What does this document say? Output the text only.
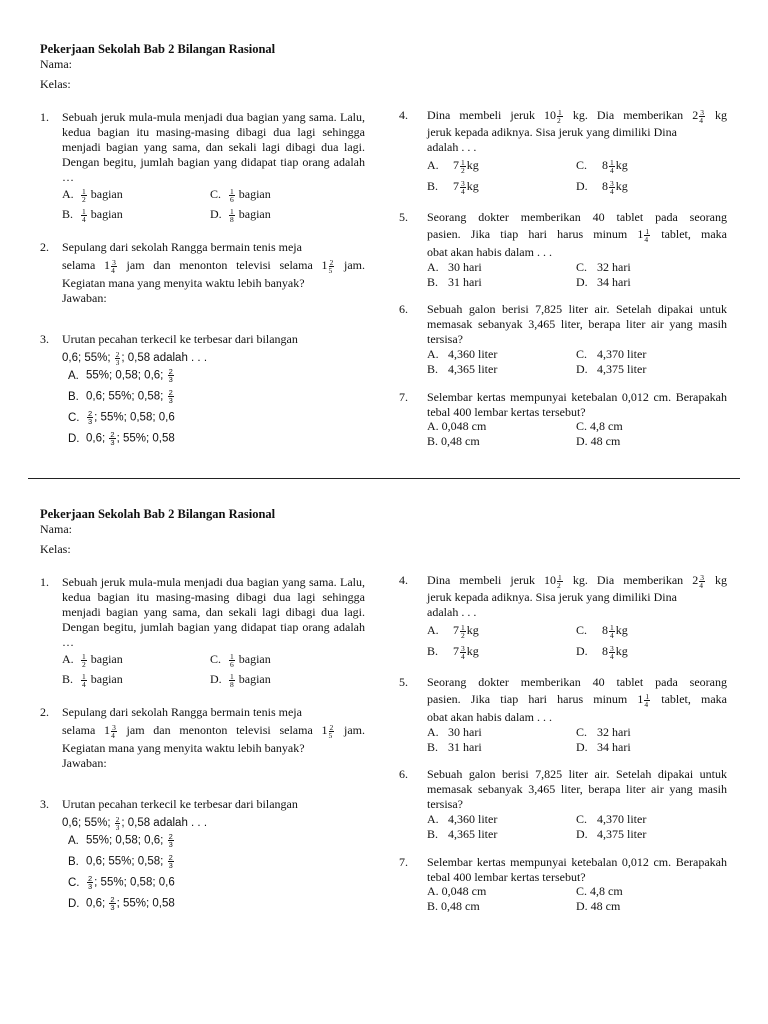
Pekerjaan Sekolah Bab 2 Bilangan Rasional
Nama:
Kelas:
1. Sebuah jeruk mula-mula menjadi dua bagian yang sama. Lalu, kedua bagian itu masing-masing dibagi dua lagi sehingga menjadi bagian yang sama, dan sekali lagi dibagi dua lagi. Dengan begitu, jumlah bagian yang didapat tiap orang adalah …
A. $\frac{1}{2}$ bagian	C. $\frac{1}{6}$ bagian
B. $\frac{1}{4}$ bagian	D. $\frac{1}{8}$ bagian
2. Sepulang dari sekolah Rangga bermain tenis meja
selama $1 \frac{3}{4}$ jam dan menonton televisi selama $1 \frac{2}{5}$ jam.
Kegiatan mana yang menyita waktu lebih banyak?
Jawaban:
3. Urutan pecahan terkecil ke terbesar dari bilangan
0,6; 55%; $\frac{2}{3}$ ; 0,58 adalah . . .
A. 55%; 0,58; 0,6; $\frac{2}{3}$
B. 0,6; 55%; 0,58; $\frac{2}{3}$
C. $\frac{2}{3}$ ; 55%; 0,58; 0,6
D. 0,6; $\frac{2}{3}$ ; 55%; 0,58
4. Dina membeli jeruk $10 \frac{1}{2}$ kg. Dia memberikan $2 \frac{3}{4}$ kg
jeruk kepada adiknya. Sisa jeruk yang dimiliki Dina
adalah . . .
A. $7 \frac{1}{2}$ kg	C. $8 \frac{1}{4}$ kg
B. $7 \frac{3}{4}$ kg	D. $8 \frac{3}{4}$ kg
5. Seorang dokter memberikan 40 tablet pada seorang
pasien. Jika tiap hari harus minum $1 \frac{1}{4}$ tablet, maka
obat akan habis dalam . . .
A. 30 hari	C. 32 hari
B. 31 hari	D. 34 hari
6. Sebuah galon berisi 7,825 liter air. Setelah dipakai untuk memasak sebanyak 3,465 liter, berapa liter air yang masih tersisa?
A. 4,360 liter	C. 4,370 liter
B. 4,365 liter	D. 4,375 liter
7. Selembar kertas mempunyai ketebalan 0,012 cm. Berapakah tebal 400 lembar kertas tersebut?
A. 0,048 cm	C. 4,8 cm
B. 0,48 cm	D. 48 cm
Pekerjaan Sekolah Bab 2 Bilangan Rasional
Nama:
Kelas:
1. Sebuah jeruk mula-mula menjadi dua bagian yang sama. Lalu, kedua bagian itu masing-masing dibagi dua lagi sehingga menjadi bagian yang sama, dan sekali lagi dibagi dua lagi. Dengan begitu, jumlah bagian yang didapat tiap orang adalah …
A. $\frac{1}{2}$ bagian	C. $\frac{1}{6}$ bagian
B. $\frac{1}{4}$ bagian	D. $\frac{1}{8}$ bagian
2. Sepulang dari sekolah Rangga bermain tenis meja
selama $1 \frac{3}{4}$ jam dan menonton televisi selama $1 \frac{2}{5}$ jam.
Kegiatan mana yang menyita waktu lebih banyak?
Jawaban:
3. Urutan pecahan terkecil ke terbesar dari bilangan
0,6; 55%; $\frac{2}{3}$ ; 0,58 adalah . . .
A. 55%; 0,58; 0,6; $\frac{2}{3}$
B. 0,6; 55%; 0,58; $\frac{2}{3}$
C. $\frac{2}{3}$ ; 55%; 0,58; 0,6
D. 0,6; $\frac{2}{3}$ ; 55%; 0,58
4. Dina membeli jeruk $10 \frac{1}{2}$ kg. Dia memberikan $2 \frac{3}{4}$ kg
jeruk kepada adiknya. Sisa jeruk yang dimiliki Dina
adalah . . .
A. $7 \frac{1}{2}$ kg	C. $8 \frac{1}{4}$ kg
B. $7 \frac{3}{4}$ kg	D. $8 \frac{3}{4}$ kg
5. Seorang dokter memberikan 40 tablet pada seorang
pasien. Jika tiap hari harus minum $1 \frac{1}{4}$ tablet, maka
obat akan habis dalam . . .
A. 30 hari	C. 32 hari
B. 31 hari	D. 34 hari
6. Sebuah galon berisi 7,825 liter air. Setelah dipakai untuk memasak sebanyak 3,465 liter, berapa liter air yang masih tersisa?
A. 4,360 liter	C. 4,370 liter
B. 4,365 liter	D. 4,375 liter
7. Selembar kertas mempunyai ketebalan 0,012 cm. Berapakah tebal 400 lembar kertas tersebut?
A. 0,048 cm	C. 4,8 cm
B. 0,48 cm	D. 48 cm
